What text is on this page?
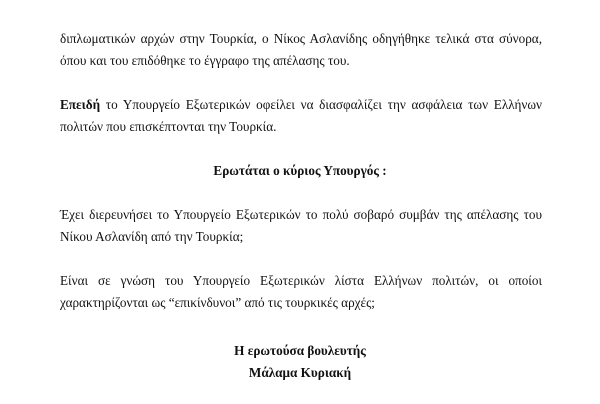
διπλωματικών αρχών στην Τουρκία, ο Νίκος Ασλανίδης οδηγήθηκε τελικά στα σύνορα, όπου και του επιδόθηκε το έγγραφο της απέλασης του.

Επειδή το Υπουργείο Εξωτερικών οφείλει να διασφαλίζει την ασφάλεια των Ελλήνων πολιτών που επισκέπτονται την Τουρκία.

Ερωτάται ο κύριος Υπουργός :

Έχει διερευνήσει το Υπουργείο Εξωτερικών το πολύ σοβαρό συμβάν της απέλασης του Νίκου Ασλανίδη από την Τουρκία;

Είναι σε γνώση του Υπουργείο Εξωτερικών λίστα Ελλήνων πολιτών, οι οποίοι χαρακτηρίζονται ως “επικίνδυνοι” από τις τουρκικές αρχές;

Η ερωτούσα βουλευτής

Μάλαμα Κυριακή
